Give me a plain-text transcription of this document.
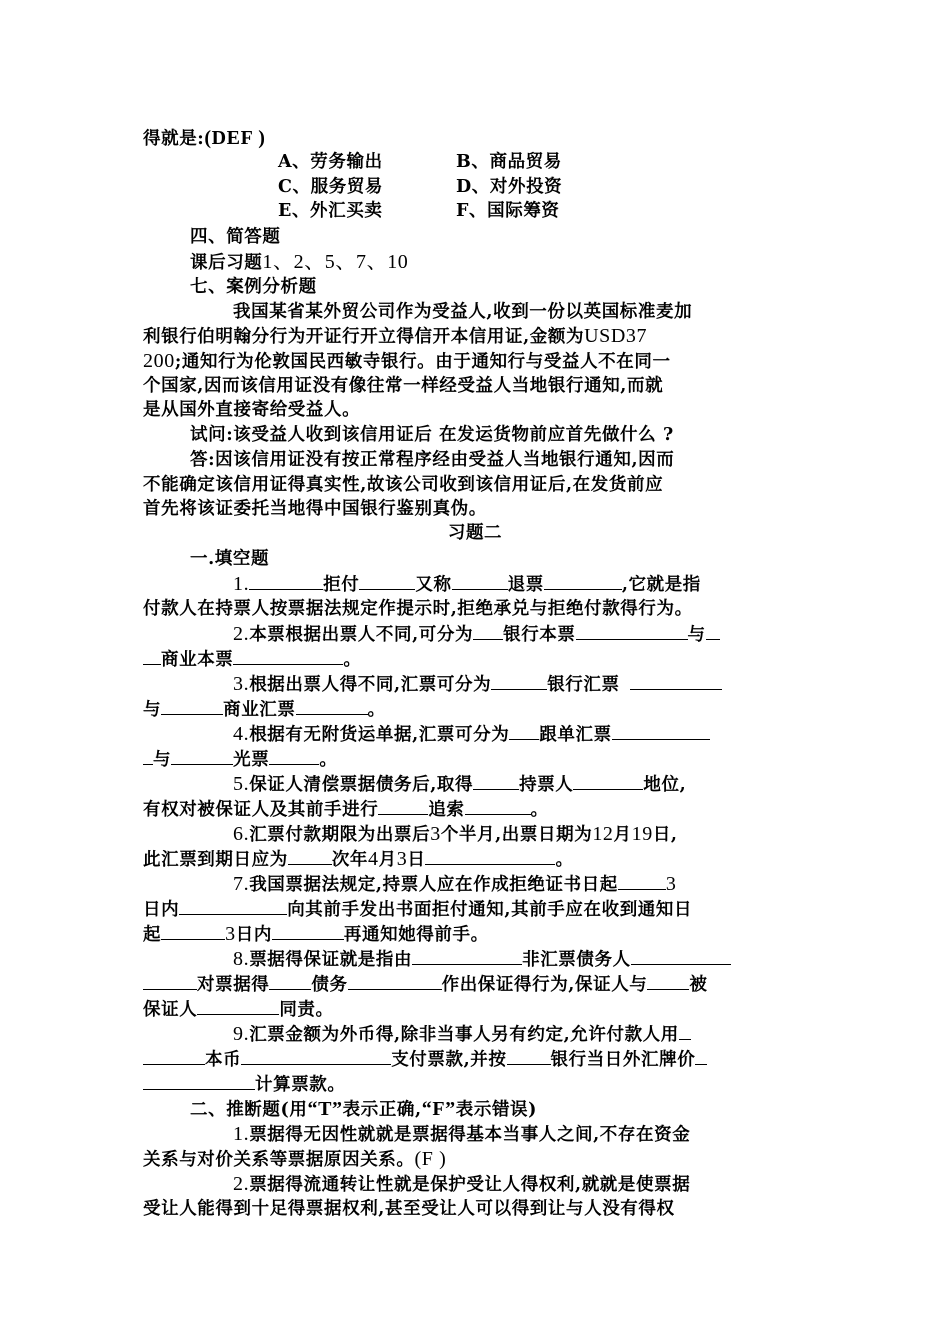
得就是:(DEF )
A、劳务输出	B、商品贸易
C、服务贸易	D、对外投资
E、外汇买卖	F、国际筹资
四、简答题
课后习题1、2、5、7、10
七、案例分析题
我国某省某外贸公司作为受益人,收到一份以英国标准麦加
利银行伯明翰分行为开证行开立得信开本信用证,金额为USD37
200;通知行为伦敦国民西敏寺银行。由于通知行与受益人不在同一
个国家,因而该信用证没有像往常一样经受益人当地银行通知,而就
是从国外直接寄给受益人。
试问:该受益人收到该信用证后 在发运货物前应首先做什么 ?
答:因该信用证没有按正常程序经由受益人当地银行通知,因而
不能确定该信用证得真实性,故该公司收到该信用证后,在发货前应
首先将该证委托当地得中国银行鉴别真伪。
习题二
一.填空题
1.	拒付	又称	退票	,它就是指
付款人在持票人按票据法规定作提示时,拒绝承兑与拒绝付款得行为。
2.本票根据出票人不同,可分为 银行本票	与
商业本票	。
3.根据出票人得不同,汇票可分为	银行汇票
与	商业汇票	。
4.根据有无附货运单据,汇票可分为 跟单汇票
与	光票	。
5.保证人清偿票据债务后,取得	持票人	地位,
有权对被保证人及其前手进行	追索	。
6.汇票付款期限为出票后3个半月,出票日期为12月19日,
此汇票到期日应为	次年4月3日	。
7.我国票据法规定,持票人应在作成拒绝证书日起 3
日内	向其前手发出书面拒付通知,其前手应在收到通知日
起	3日内	再通知她得前手。
8.票据得保证就是指由	非汇票债务人
对票据得 债务	作出保证得行为,保证人与 被
保证人	同责。
9.汇票金额为外币得,除非当事人另有约定,允许付款人用
本币	支付票款,并按	银行当日外汇牌价
计算票款。
二、推断题(用“T”表示正确,“F”表示错误)
1.票据得无因性就就是票据得基本当事人之间,不存在资金
关系与对价关系等票据原因关系。(F )
2.票据得流通转让性就是保护受让人得权利,就就是使票据
受让人能得到十足得票据权利,甚至受让人可以得到让与人没有得权
